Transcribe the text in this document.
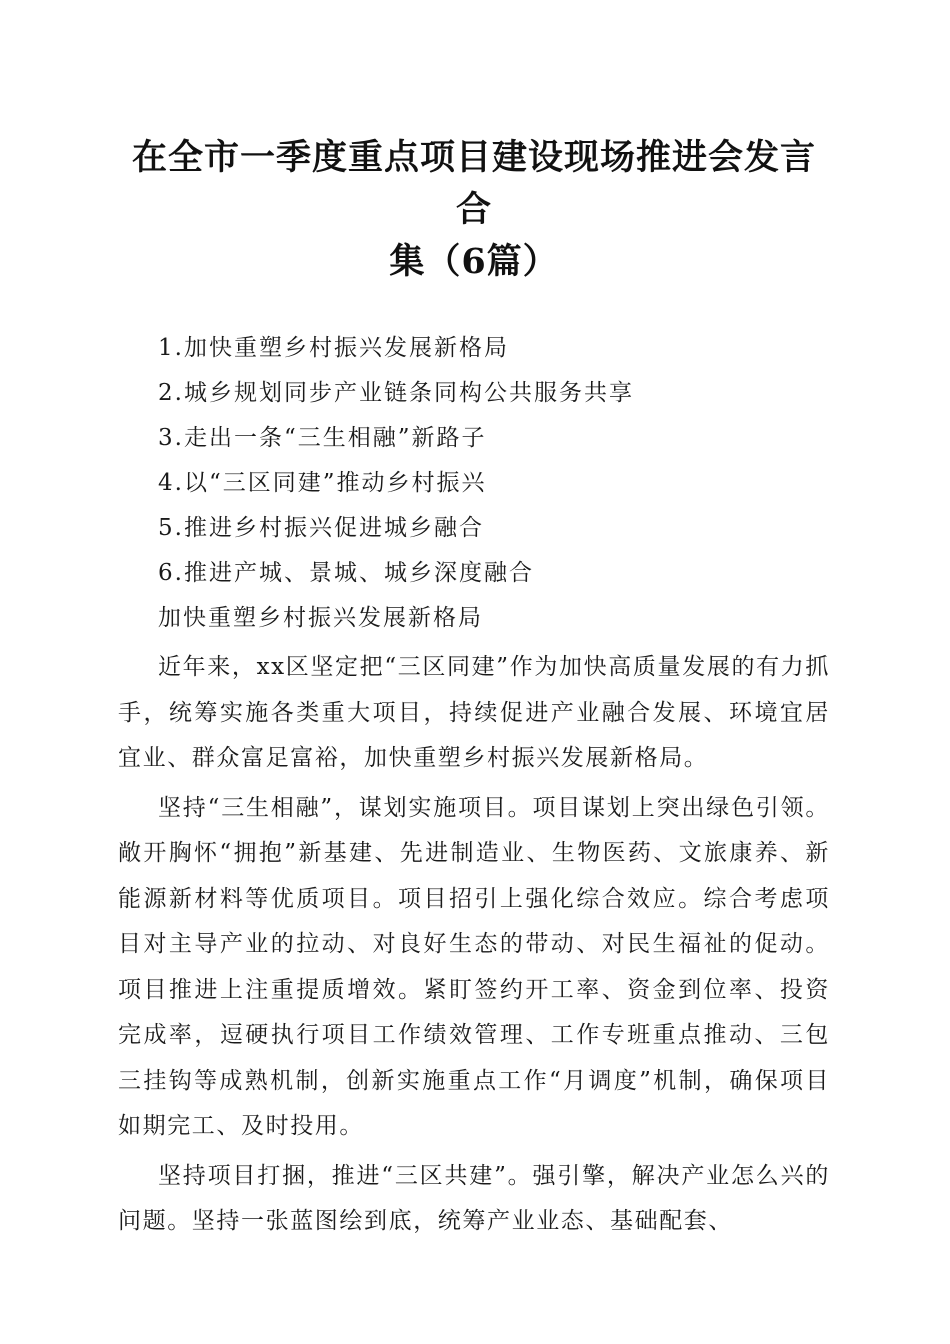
在全市一季度重点项目建设现场推进会发言合
集（6篇）
1.加快重塑乡村振兴发展新格局
2.城乡规划同步产业链条同构公共服务共享
3.走出一条“三生相融”新路子
4.以“三区同建”推动乡村振兴
5.推进乡村振兴促进城乡融合
6.推进产城、景城、城乡深度融合

加快重塑乡村振兴发展新格局

近年来，xx区坚定把“三区同建”作为加快高质量发展的有力抓手，统筹实施各类重大项目，持续促进产业融合发展、环境宜居宜业、群众富足富裕，加快重塑乡村振兴发展新格局。

坚持“三生相融”，谋划实施项目。项目谋划上突出绿色引领。敞开胸怀“拥抱”新基建、先进制造业、生物医药、文旅康养、新能源新材料等优质项目。项目招引上强化综合效应。综合考虑项目对主导产业的拉动、对良好生态的带动、对民生福祉的促动。项目推进上注重提质增效。紧盯签约开工率、资金到位率、投资完成率，逗硬执行项目工作绩效管理、工作专班重点推动、三包三挂钩等成熟机制，创新实施重点工作“月调度”机制，确保项目如期完工、及时投用。

坚持项目打捆，推进“三区共建”。强引擎，解决产业怎么兴的问题。坚持一张蓝图绘到底，统筹产业业态、基础配套、
